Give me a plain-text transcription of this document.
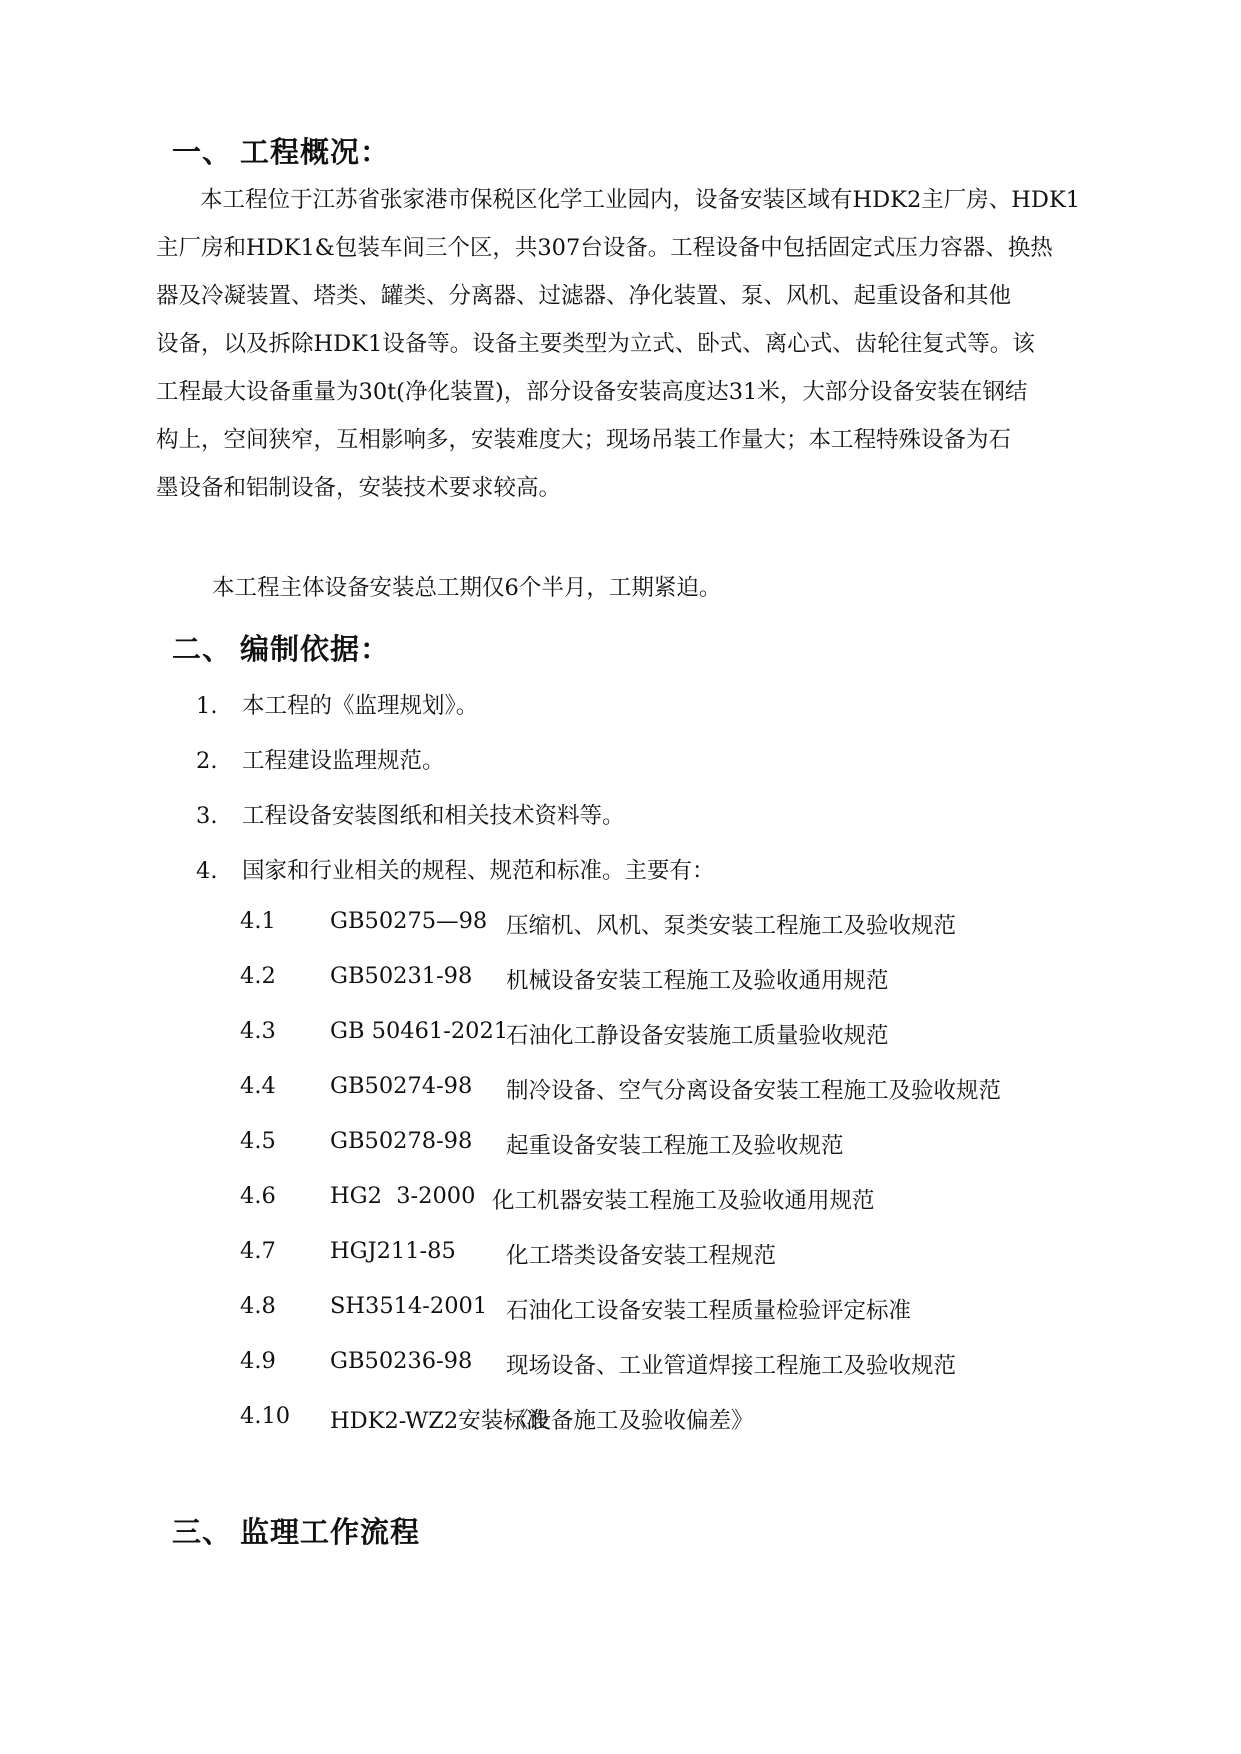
一、 工程概况：
本工程位于江苏省张家港市保税区化学工业园内，设备安装区域有HDK2主厂房、HDK1
主厂房和HDK1&包装车间三个区，共307台设备。工程设备中包括固定式压力容器、换热
器及冷凝装置、塔类、罐类、分离器、过滤器、净化装置、泵、风机、起重设备和其他
设备，以及拆除HDK1设备等。设备主要类型为立式、卧式、离心式、齿轮往复式等。该
工程最大设备重量为30t(净化装置)，部分设备安装高度达31米，大部分设备安装在钢结
构上，空间狭窄，互相影响多，安装难度大；现场吊装工作量大；本工程特殊设备为石
墨设备和铝制设备，安装技术要求较高。
本工程主体设备安装总工期仅6个半月，工期紧迫。
二、 编制依据：
1. 本工程的《监理规划》。
2. 工程建设监理规范。
3. 工程设备安装图纸和相关技术资料等。
4. 国家和行业相关的规程、规范和标准。主要有：
4.1 GB50275—98 压缩机、风机、泵类安装工程施工及验收规范
4.2 GB50231-98 机械设备安装工程施工及验收通用规范
4.3 GB 50461-2021
石油化工静设备安装施工质量验收规范
4.4 GB50274-98 制冷设备、空气分离设备安装工程施工及验收规范
4.5 GB50278-98 起重设备安装工程施工及验收规范
4.6 HG2  3-2000 化工机器安装工程施工及验收通用规范
4.7 HGJ211-85 化工塔类设备安装工程规范
4.8 SH3514-2001 石油化工设备安装工程质量检验评定标准
4.9 GB50236-98 现场设备、工业管道焊接工程施工及验收规范
4.10 HDK2-WZ2安装标准
《设备施工及验收偏差》
三、 监理工作流程
